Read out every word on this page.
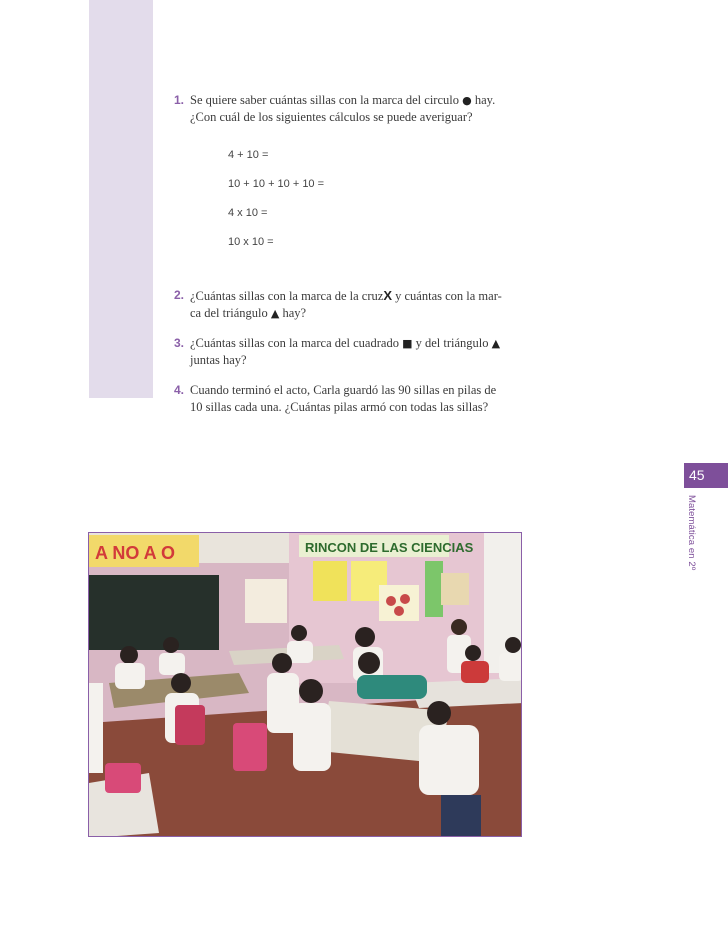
1. Se quiere saber cuántas sillas con la marca del circulo ● hay.
¿Con cuál de los siguientes cálculos se puede averiguar?
4 + 10 =
10 + 10 + 10 + 10 =
4 x 10 =
10 x 10 =
2. ¿Cuántas sillas con la marca de la cruzX y cuántas con la mar-
ca del triángulo ▲ hay?
3. ¿Cuántas sillas con la marca del cuadrado ■ y del triángulo ▲
juntas hay?
4. Cuando terminó el acto, Carla guardó las 90 sillas en pilas de
10 sillas cada una. ¿Cuántas pilas armó con todas las sillas?
45
Matemática en 2º
A NO A O	RINCON DE LAS CIENCIAS
